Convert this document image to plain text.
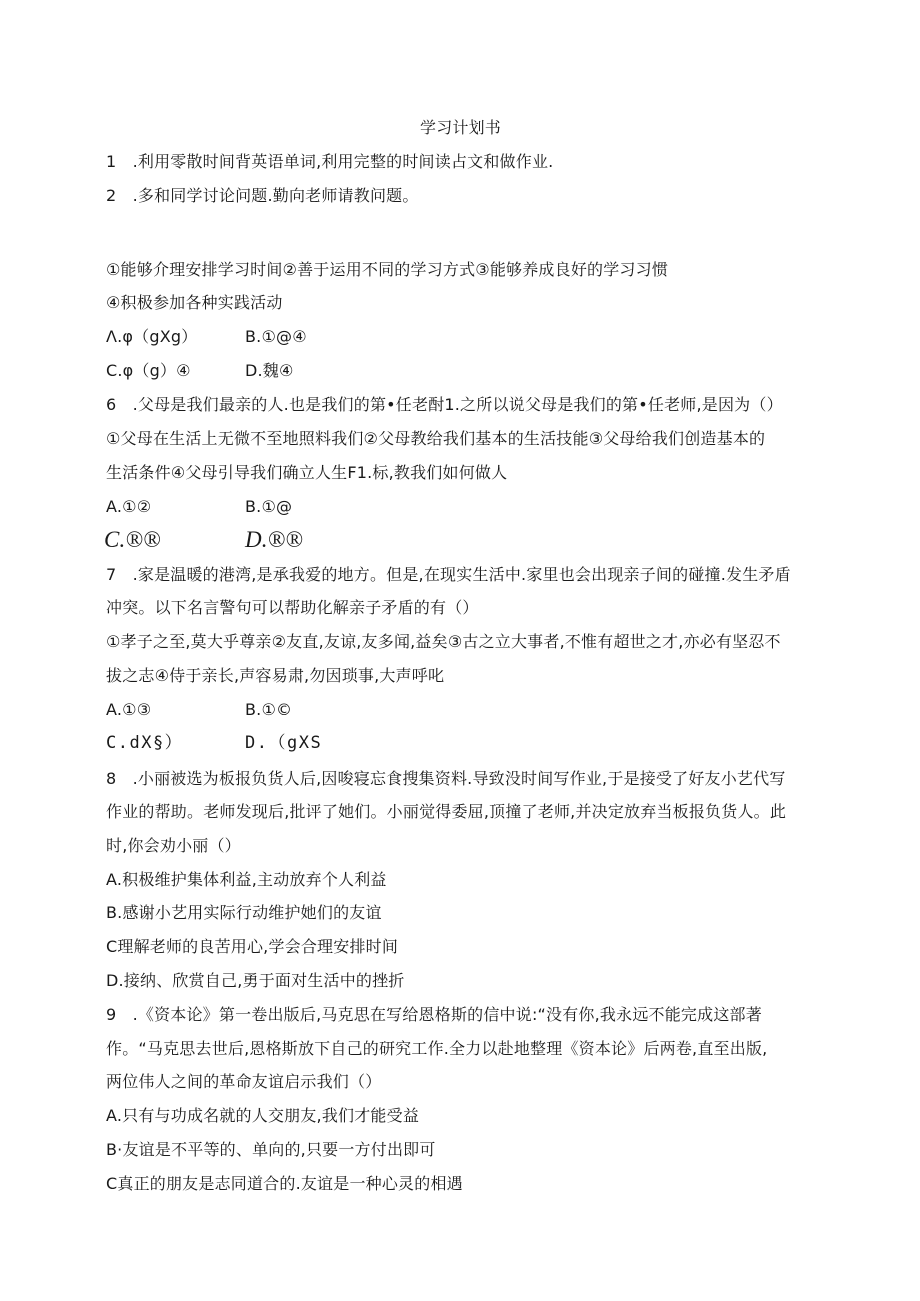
学习计划书
1 .利用零散时间背英语单词,利用完整的时间读占文和做作业.
2 .多和同学讨论问题.勤向老师请教问题。
①能够介理安排学习时间②善于运用不同的学习方式③能够养成良好的学习习惯
④积极参加各种实践活动
Λ.φ（gXg）	B.①@④
C.φ（g）④	D.魏④
6 .父母是我们最亲的人.也是我们的第•任老酎1.之所以说父母是我们的第•任老师,是因为（）
①父母在生活上无微不至地照料我们②父母教给我们基本的生活技能③父母给我们创造基本的
生活条件④父母引导我们确立人生F1.标,教我们如何做人
A.①②	B.①@
C.®®	D.®®
7 .家是温暖的港湾,是承我爱的地方。但是,在现实生活中.家里也会出现亲子间的碰撞.发生矛盾
冲突。以下名言警句可以帮助化解亲子矛盾的有（）
①孝子之至,莫大乎尊亲②友直,友谅,友多闻,益矣③古之立大事者,不惟有超世之才,亦必有坚忍不
拔之志④侍于亲长,声容易肃,勿因琐事,大声呼叱
A.①③	B.①©
C.dX§）	D.（gXS
8 .小丽被选为板报负货人后,因唆寝忘食搜集资料.导致没时间写作业,于是接受了好友小艺代写
作业的帮助。老师发现后,批评了她们。小丽觉得委屈,顶撞了老师,并决定放弃当板报负货人。此
时,你会劝小丽（）
A.积极维护集体利益,主动放弃个人利益
B.感谢小艺用实际行动维护她们的友谊
C理解老师的良苦用心,学会合理安排时间
D.接纳、欣赏自己,勇于面对生活中的挫折
9 .《资本论》第一卷出版后,马克思在写给恩格斯的信中说:“没有你,我永远不能完成这部著
作。“马克思去世后,恩格斯放下自己的研究工作.全力以赴地整理《资本论》后两卷,直至出版,
两位伟人之间的革命友谊启示我们（）
A.只有与功成名就的人交朋友,我们才能受益
B·友谊是不平等的、单向的,只要一方付出即可
C真正的朋友是志同道合的.友谊是一种心灵的相遇
